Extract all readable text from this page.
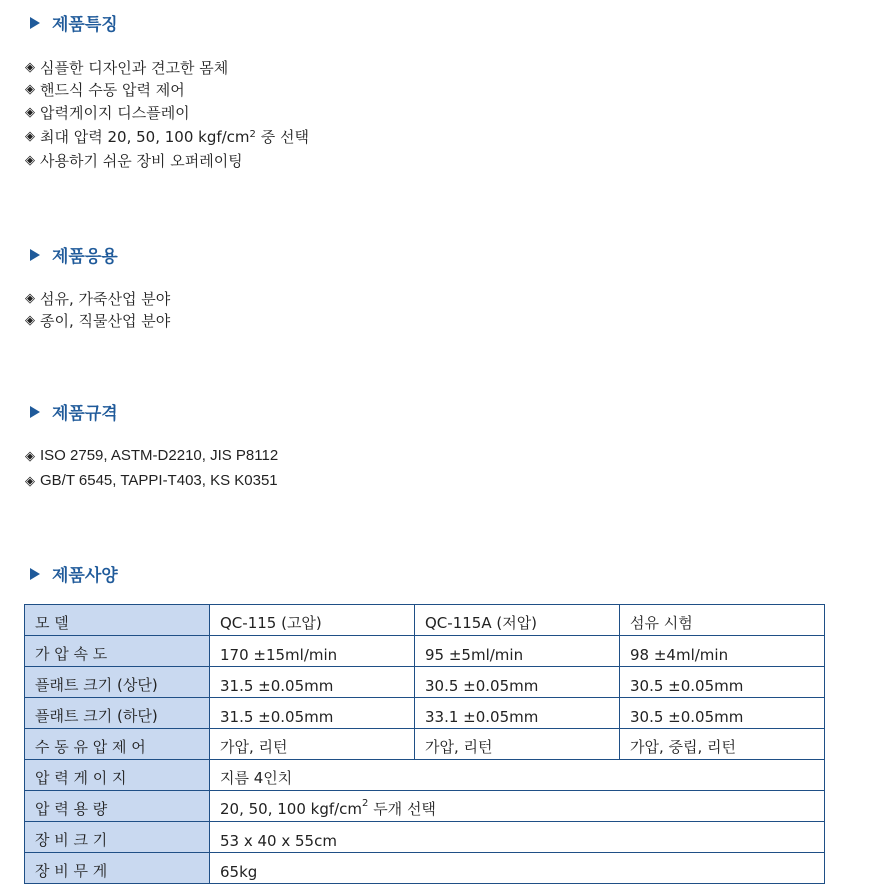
제품특징
◈ 심플한 디자인과 견고한 몸체
◈ 핸드식 수동 압력 제어
◈ 압력게이지 디스플레이
◈ 최대 압력 20, 50, 100 kgf/$cm^2$ 중 선택
◈ 사용하기 쉬운 장비 오퍼레이팅
제품응용
◈ 섬유, 가죽산업 분야
◈ 종이, 직물산업 분야
제품규격
◈ ISO 2759, ASTM-D2210, JIS P8112
◈ GB/T 6545, TAPPI-T403, KS K0351
제품사양
모 델	QC-115 (고압)	QC-115A (저압)	섬유 시험
가 압 속 도	170 ±15ml/min	95 ±5ml/min	98 ±4ml/min
플래트 크기 (상단)	31.5 ±0.05mm	30.5 ±0.05mm	30.5 ±0.05mm
플래트 크기 (하단)	31.5 ±0.05mm	33.1 ±0.05mm	30.5 ±0.05mm
수 동 유 압 제 어	가압, 리턴	가압, 리턴	가압, 중립, 리턴
압 력 게 이 지	지름 4인치		
압 력 용 량	20, 50, 100 kgf/$cm^2$ 두개 선택		
장 비 크 기	53 x 40 x 55cm		
장 비 무 게	65kg		
